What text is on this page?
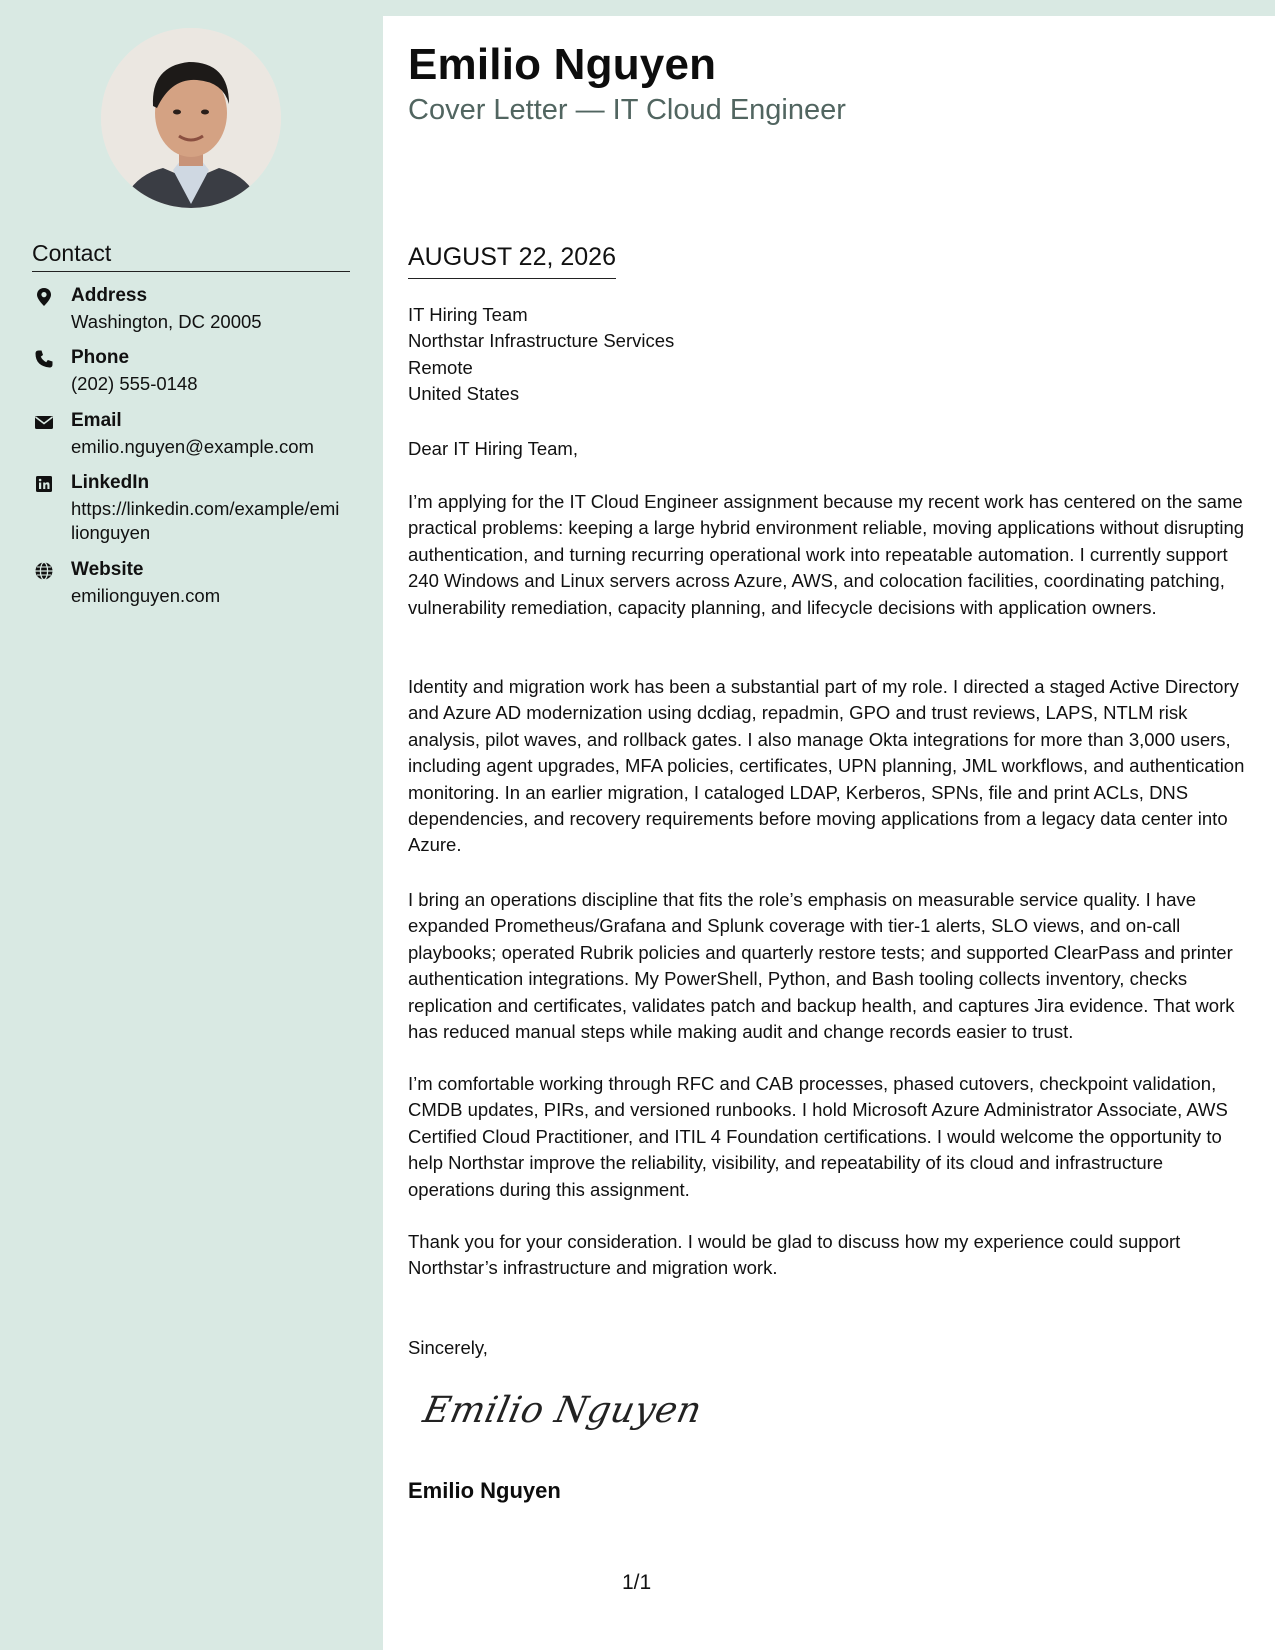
Contact
Address
Washington, DC 20005
Phone
(202) 555-0148
Email
emilio.nguyen@example.com
LinkedIn
https://linkedin.com/example/emilionguyen
Website
emilionguyen.com
Emilio Nguyen
Cover Letter — IT Cloud Engineer
AUGUST 22, 2026
IT Hiring Team
Northstar Infrastructure Services
Remote
United States
Dear IT Hiring Team,
I’m applying for the IT Cloud Engineer assignment because my recent work has centered on the same practical problems: keeping a large hybrid environment reliable, moving applications without disrupting authentication, and turning recurring operational work into repeatable automation. I currently support 240 Windows and Linux servers across Azure, AWS, and colocation facilities, coordinating patching, vulnerability remediation, capacity planning, and lifecycle decisions with application owners.
Identity and migration work has been a substantial part of my role. I directed a staged Active Directory and Azure AD modernization using dcdiag, repadmin, GPO and trust reviews, LAPS, NTLM risk analysis, pilot waves, and rollback gates. I also manage Okta integrations for more than 3,000 users, including agent upgrades, MFA policies, certificates, UPN planning, JML workflows, and authentication monitoring. In an earlier migration, I cataloged LDAP, Kerberos, SPNs, file and print ACLs, DNS dependencies, and recovery requirements before moving applications from a legacy data center into Azure.
I bring an operations discipline that fits the role’s emphasis on measurable service quality. I have expanded Prometheus/Grafana and Splunk coverage with tier-1 alerts, SLO views, and on-call playbooks; operated Rubrik policies and quarterly restore tests; and supported ClearPass and printer authentication integrations. My PowerShell, Python, and Bash tooling collects inventory, checks replication and certificates, validates patch and backup health, and captures Jira evidence. That work has reduced manual steps while making audit and change records easier to trust.
I’m comfortable working through RFC and CAB processes, phased cutovers, checkpoint validation, CMDB updates, PIRs, and versioned runbooks. I hold Microsoft Azure Administrator Associate, AWS Certified Cloud Practitioner, and ITIL 4 Foundation certifications. I would welcome the opportunity to help Northstar improve the reliability, visibility, and repeatability of its cloud and infrastructure operations during this assignment.
Thank you for your consideration. I would be glad to discuss how my experience could support Northstar’s infrastructure and migration work.
Sincerely,
Emilio Nguyen
Emilio Nguyen
1/1
